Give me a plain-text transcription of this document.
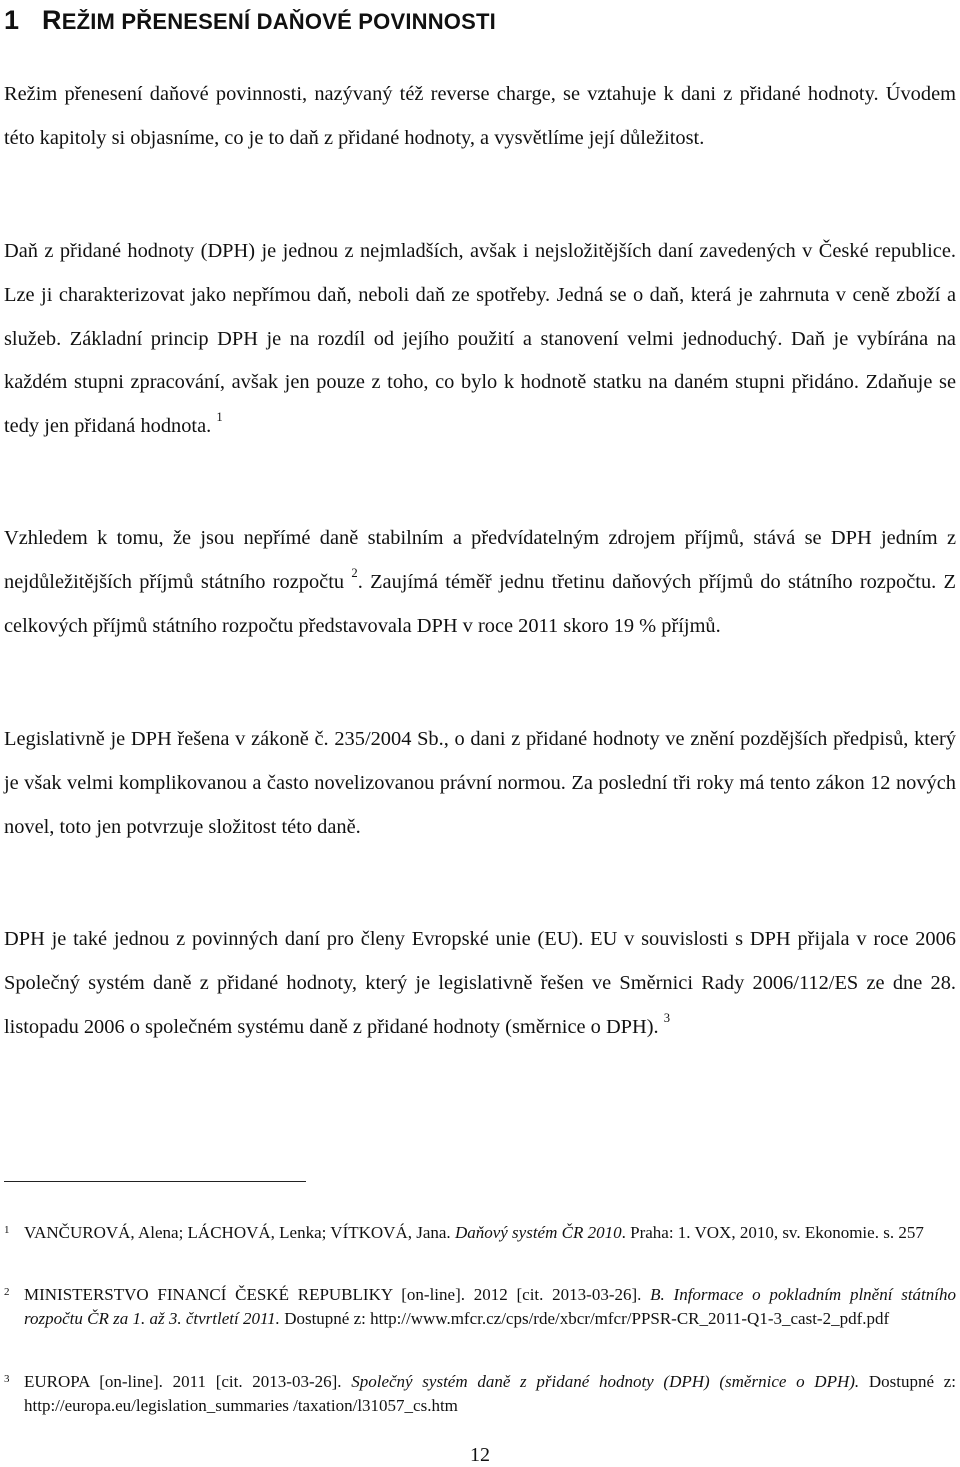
1 REŽIM PŘENESENÍ DAŇOVÉ POVINNOSTI

Režim přenesení daňové povinnosti, nazývaný též reverse charge, se vztahuje k dani z přidané hodnoty. Úvodem této kapitoly si objasníme, co je to daň z přidané hodnoty, a vysvětlíme její důležitost.

Daň z přidané hodnoty (DPH) je jednou z nejmladších, avšak i nejsložitějších daní zavedených v České republice. Lze ji charakterizovat jako nepřímou daň, neboli daň ze spotřeby. Jedná se o daň, která je zahrnuta v ceně zboží a služeb. Základní princip DPH je na rozdíl od jejího použití a stanovení velmi jednoduchý. Daň je vybírána na každém stupni zpracování, avšak jen pouze z toho, co bylo k hodnotě statku na daném stupni přidáno. Zdaňuje se tedy jen přidaná hodnota. $^1$

Vzhledem k tomu, že jsou nepřímé daně stabilním a předvídatelným zdrojem příjmů, stává se DPH jedním z nejdůležitějších příjmů státního rozpočtu $^2$. Zaujímá téměř jednu třetinu daňových příjmů do státního rozpočtu. Z celkových příjmů státního rozpočtu představovala DPH v roce 2011 skoro 19 % příjmů.

Legislativně je DPH řešena v zákoně č. 235/2004 Sb., o dani z přidané hodnoty ve znění pozdějších předpisů, který je však velmi komplikovanou a často novelizovanou právní normou. Za poslední tři roky má tento zákon 12 nových novel, toto jen potvrzuje složitost této daně.

DPH je také jednou z povinných daní pro členy Evropské unie (EU). EU v souvislosti s DPH přijala v roce 2006 Společný systém daně z přidané hodnoty, který je legislativně řešen ve Směrnici Rady 2006/112/ES ze dne 28. listopadu 2006 o společném systému daně z přidané hodnoty (směrnice o DPH). $^3$

1 VANČUROVÁ, Alena; LÁCHOVÁ, Lenka; VÍTKOVÁ, Jana. Daňový systém ČR 2010. Praha: 1. VOX, 2010, sv. Ekonomie. s. 257

2 MINISTERSTVO FINANCÍ ČESKÉ REPUBLIKY [on-line]. 2012 [cit. 2013-03-26]. B. Informace o pokladním plnění státního rozpočtu ČR za 1. až 3. čtvrtletí 2011. Dostupné z: http://www.mfcr.cz/cps/rde/xbcr/mfcr/PPSR-CR_2011-Q1-3_cast-2_pdf.pdf

3 EUROPA [on-line]. 2011 [cit. 2013-03-26]. Společný systém daně z přidané hodnoty (DPH) (směrnice o DPH). Dostupné z: http://europa.eu/legislation_summaries /taxation/l31057_cs.htm

12
